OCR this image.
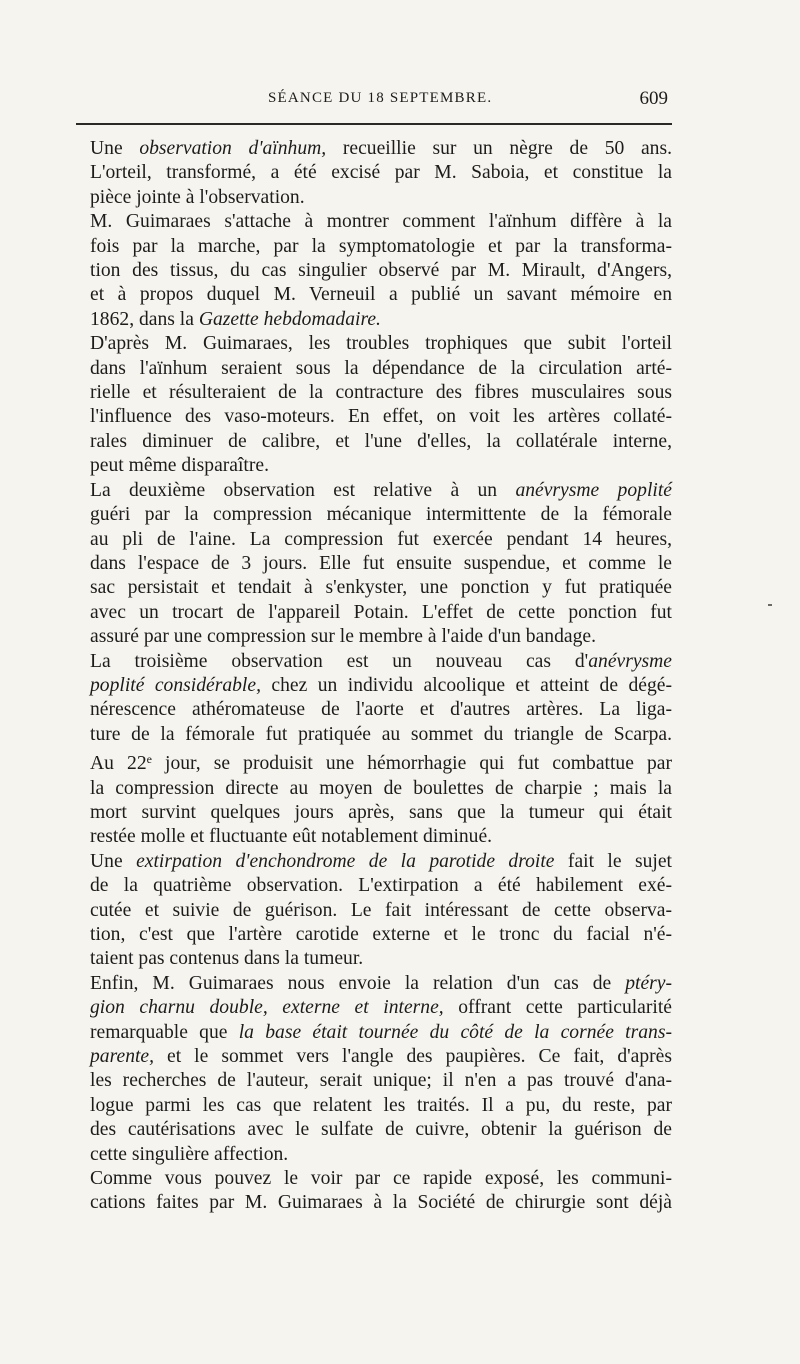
SÉANCE DU 18 SEPTEMBRE.	609
Une observation d'aïnhum, recueillie sur un nègre de 50 ans.
L'orteil, transformé, a été excisé par M. Saboia, et constitue la
pièce jointe à l'observation.
M. Guimaraes s'attache à montrer comment l'aïnhum diffère à la
fois par la marche, par la symptomatologie et par la transforma-
tion des tissus, du cas singulier observé par M. Mirault, d'Angers,
et à propos duquel M. Verneuil a publié un savant mémoire en
1862, dans la Gazette hebdomadaire.
D'après M. Guimaraes, les troubles trophiques que subit l'orteil
dans l'aïnhum seraient sous la dépendance de la circulation arté-
rielle et résulteraient de la contracture des fibres musculaires sous
l'influence des vaso-moteurs. En effet, on voit les artères collaté-
rales diminuer de calibre, et l'une d'elles, la collatérale interne,
peut même disparaître.
La deuxième observation est relative à un anévrysme poplité
guéri par la compression mécanique intermittente de la fémorale
au pli de l'aine. La compression fut exercée pendant 14 heures,
dans l'espace de 3 jours. Elle fut ensuite suspendue, et comme le
sac persistait et tendait à s'enkyster, une ponction y fut pratiquée
avec un trocart de l'appareil Potain. L'effet de cette ponction fut
assuré par une compression sur le membre à l'aide d'un bandage.
La troisième observation est un nouveau cas d'anévrysme
poplité considérable, chez un individu alcoolique et atteint de dégé-
nérescence athéromateuse de l'aorte et d'autres artères. La liga-
ture de la fémorale fut pratiquée au sommet du triangle de Scarpa.
Au 22e jour, se produisit une hémorrhagie qui fut combattue par
la compression directe au moyen de boulettes de charpie ; mais la
mort survint quelques jours après, sans que la tumeur qui était
restée molle et fluctuante eût notablement diminué.
Une extirpation d'enchondrome de la parotide droite fait le sujet
de la quatrième observation. L'extirpation a été habilement exé-
cutée et suivie de guérison. Le fait intéressant de cette observa-
tion, c'est que l'artère carotide externe et le tronc du facial n'é-
taient pas contenus dans la tumeur.
Enfin, M. Guimaraes nous envoie la relation d'un cas de ptéry-
gion charnu double, externe et interne, offrant cette particularité
remarquable que la base était tournée du côté de la cornée trans-
parente, et le sommet vers l'angle des paupières. Ce fait, d'après
les recherches de l'auteur, serait unique; il n'en a pas trouvé d'ana-
logue parmi les cas que relatent les traités. Il a pu, du reste, par
des cautérisations avec le sulfate de cuivre, obtenir la guérison de
cette singulière affection.
Comme vous pouvez le voir par ce rapide exposé, les communi-
cations faites par M. Guimaraes à la Société de chirurgie sont déjà
